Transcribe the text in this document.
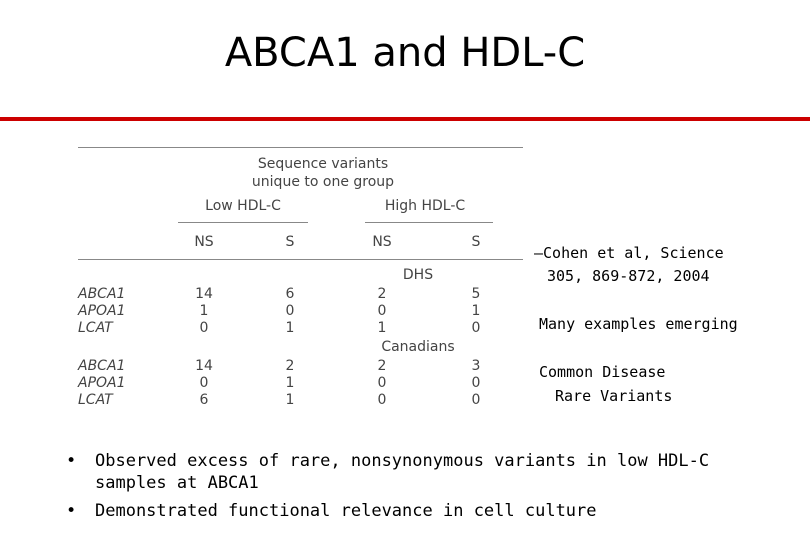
ABCA1 and HDL-C
Sequence variants
unique to one group
Low HDL-C	High HDL-C
NS	S	NS	S
DHS
ABCA1	14	6	2	5
APOA1	1	0	0	1
LCAT	0	1	1	0
Canadians
ABCA1	14	2	2	3
APOA1	0	1	0	0
LCAT	6	1	0	0
–Cohen et al, Science
305, 869-872, 2004
Many examples emerging
Common Disease
Rare Variants
• Observed excess of rare, nonsynonymous variants in low HDL-C
samples at ABCA1
• Demonstrated functional relevance in cell culture
